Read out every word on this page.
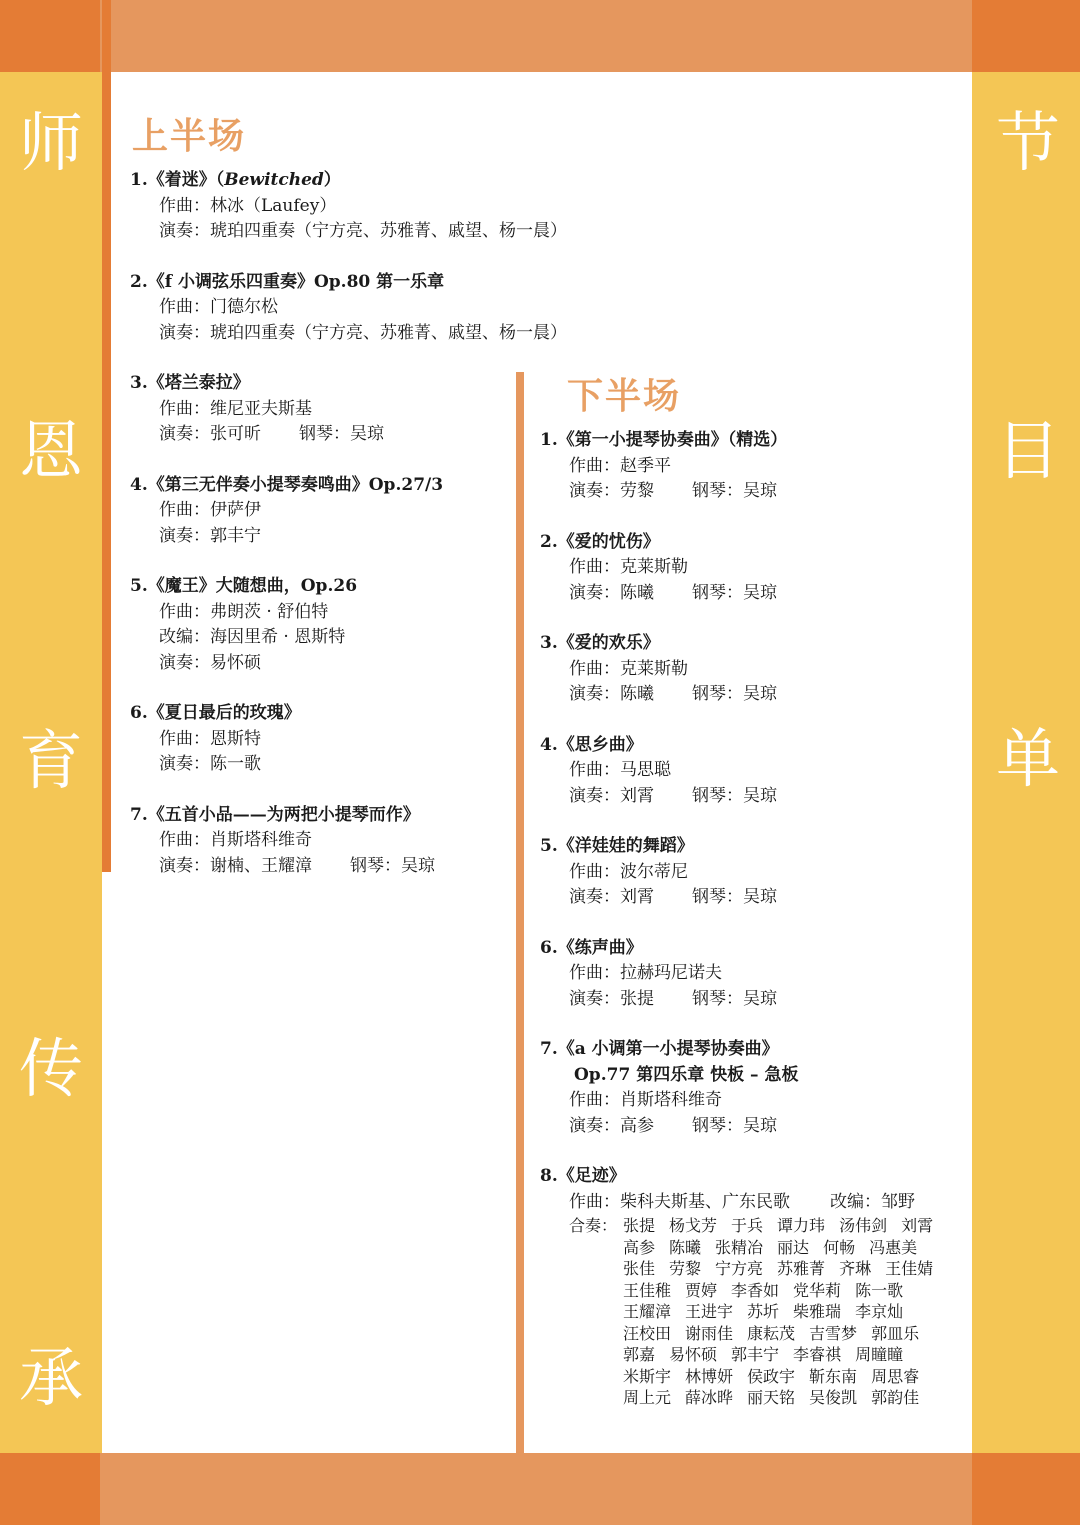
师
恩
育
传
承
节
目
单
上半场
1.《着迷》（Bewitched）
作曲：林冰（Laufey）
演奏：琥珀四重奏（宁方亮、苏雅菁、戚望、杨一晨）
2.《f 小调弦乐四重奏》Op.80 第一乐章
作曲：门德尔松
演奏：琥珀四重奏（宁方亮、苏雅菁、戚望、杨一晨）
3.《塔兰泰拉》
作曲：维尼亚夫斯基
演奏：张可昕 钢琴：吴琼
4.《第三无伴奏小提琴奏鸣曲》Op.27/3
作曲：伊萨伊
演奏：郭丰宁
5.《魔王》大随想曲，Op.26
作曲：弗朗茨 · 舒伯特
改编：海因里希 · 恩斯特
演奏：易怀硕
6.《夏日最后的玫瑰》
作曲：恩斯特
演奏：陈一歌
7.《五首小品——为两把小提琴而作》
作曲：肖斯塔科维奇
演奏：谢楠、王耀漳 钢琴：吴琼
下半场
1.《第一小提琴协奏曲》（精选）
作曲：赵季平
演奏：劳黎 钢琴：吴琼
2.《爱的忧伤》
作曲：克莱斯勒
演奏：陈曦 钢琴：吴琼
3.《爱的欢乐》
作曲：克莱斯勒
演奏：陈曦 钢琴：吴琼
4.《思乡曲》
作曲：马思聪
演奏：刘霄 钢琴：吴琼
5.《洋娃娃的舞蹈》
作曲：波尔蒂尼
演奏：刘霄 钢琴：吴琼
6.《练声曲》
作曲：拉赫玛尼诺夫
演奏：张提 钢琴：吴琼
7.《a 小调第一小提琴协奏曲》
Op.77 第四乐章 快板 – 急板
作曲：肖斯塔科维奇
演奏：高参 钢琴：吴琼
8.《足迹》
作曲：柴科夫斯基、广东民歌 改编：邹野
合奏： 张提 杨戈芳 于兵 谭力玮 汤伟剑 刘霄
高参 陈曦 张精冶 丽达 何畅 冯惠美
张佳 劳黎 宁方亮 苏雅菁 齐琳 王佳婧
王佳稚 贾婷 李香如 党华莉 陈一歌
王耀漳 王进宇 苏圻 柴雅瑞 李京灿
汪校田 谢雨佳 康耘茂 吉雪梦 郭皿乐
郭嘉 易怀硕 郭丰宁 李睿祺 周瞳瞳
米斯宇 林博妍 侯政宇 靳东南 周思睿
周上元 薛冰晔 丽天铭 吴俊凯 郭韵佳
